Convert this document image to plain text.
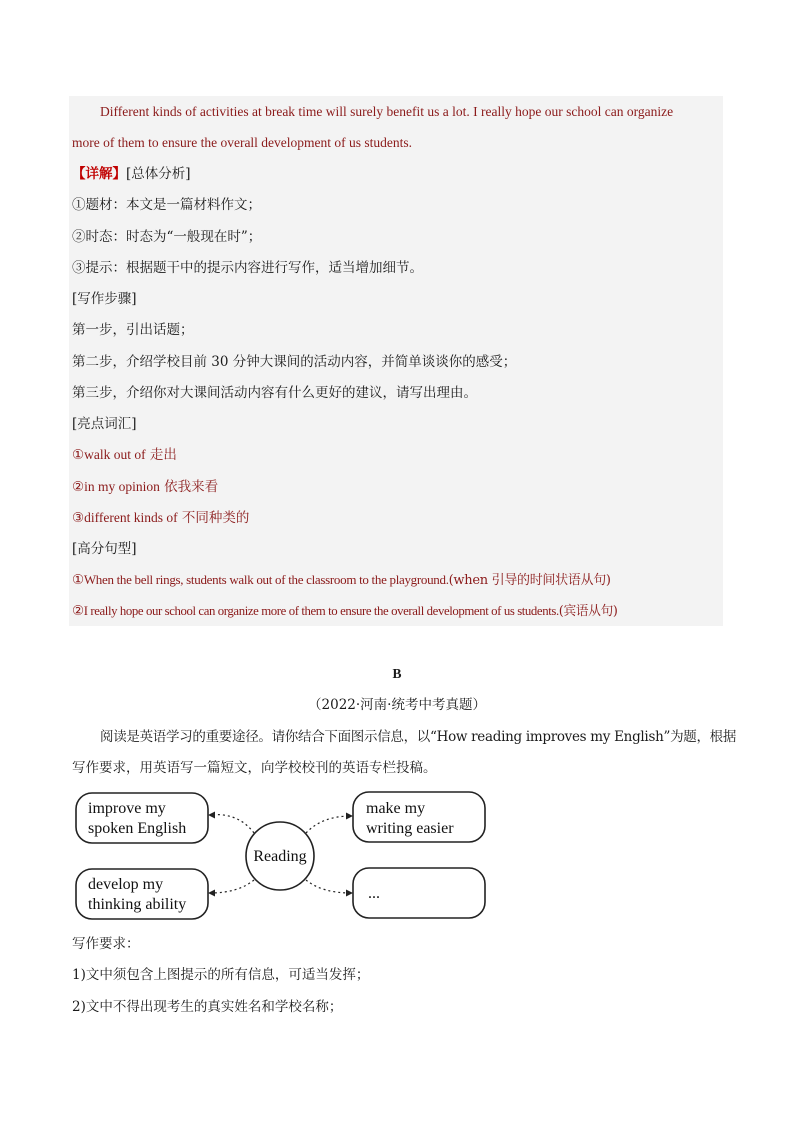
Different kinds of activities at break time will surely benefit us a lot. I really hope our school can organize
more of them to ensure the overall development of us students.
【详解】[总体分析]
①题材：本文是一篇材料作文；
②时态：时态为“一般现在时”；
③提示：根据题干中的提示内容进行写作，适当增加细节。
[写作步骤]
第一步，引出话题；
第二步，介绍学校目前 30 分钟大课间的活动内容，并简单谈谈你的感受；
第三步，介绍你对大课间活动内容有什么更好的建议，请写出理由。
[亮点词汇]
①walk out of 走出
②in my opinion 依我来看
③different kinds of 不同种类的
[高分句型]
①When the bell rings, students walk out of the classroom to the playground.(when 引导的时间状语从句)
②I really hope our school can organize more of them to ensure the overall development of us students.(宾语从句)
B
（2022·河南·统考中考真题）
阅读是英语学习的重要途径。请你结合下面图示信息，以“How reading improves my English”为题，根据
写作要求，用英语写一篇短文，向学校校刊的英语专栏投稿。
improve my
spoken English
develop my
thinking ability
make my
writing easier
...
Reading
写作要求：
1)文中须包含上图提示的所有信息，可适当发挥；
2)文中不得出现考生的真实姓名和学校名称；
